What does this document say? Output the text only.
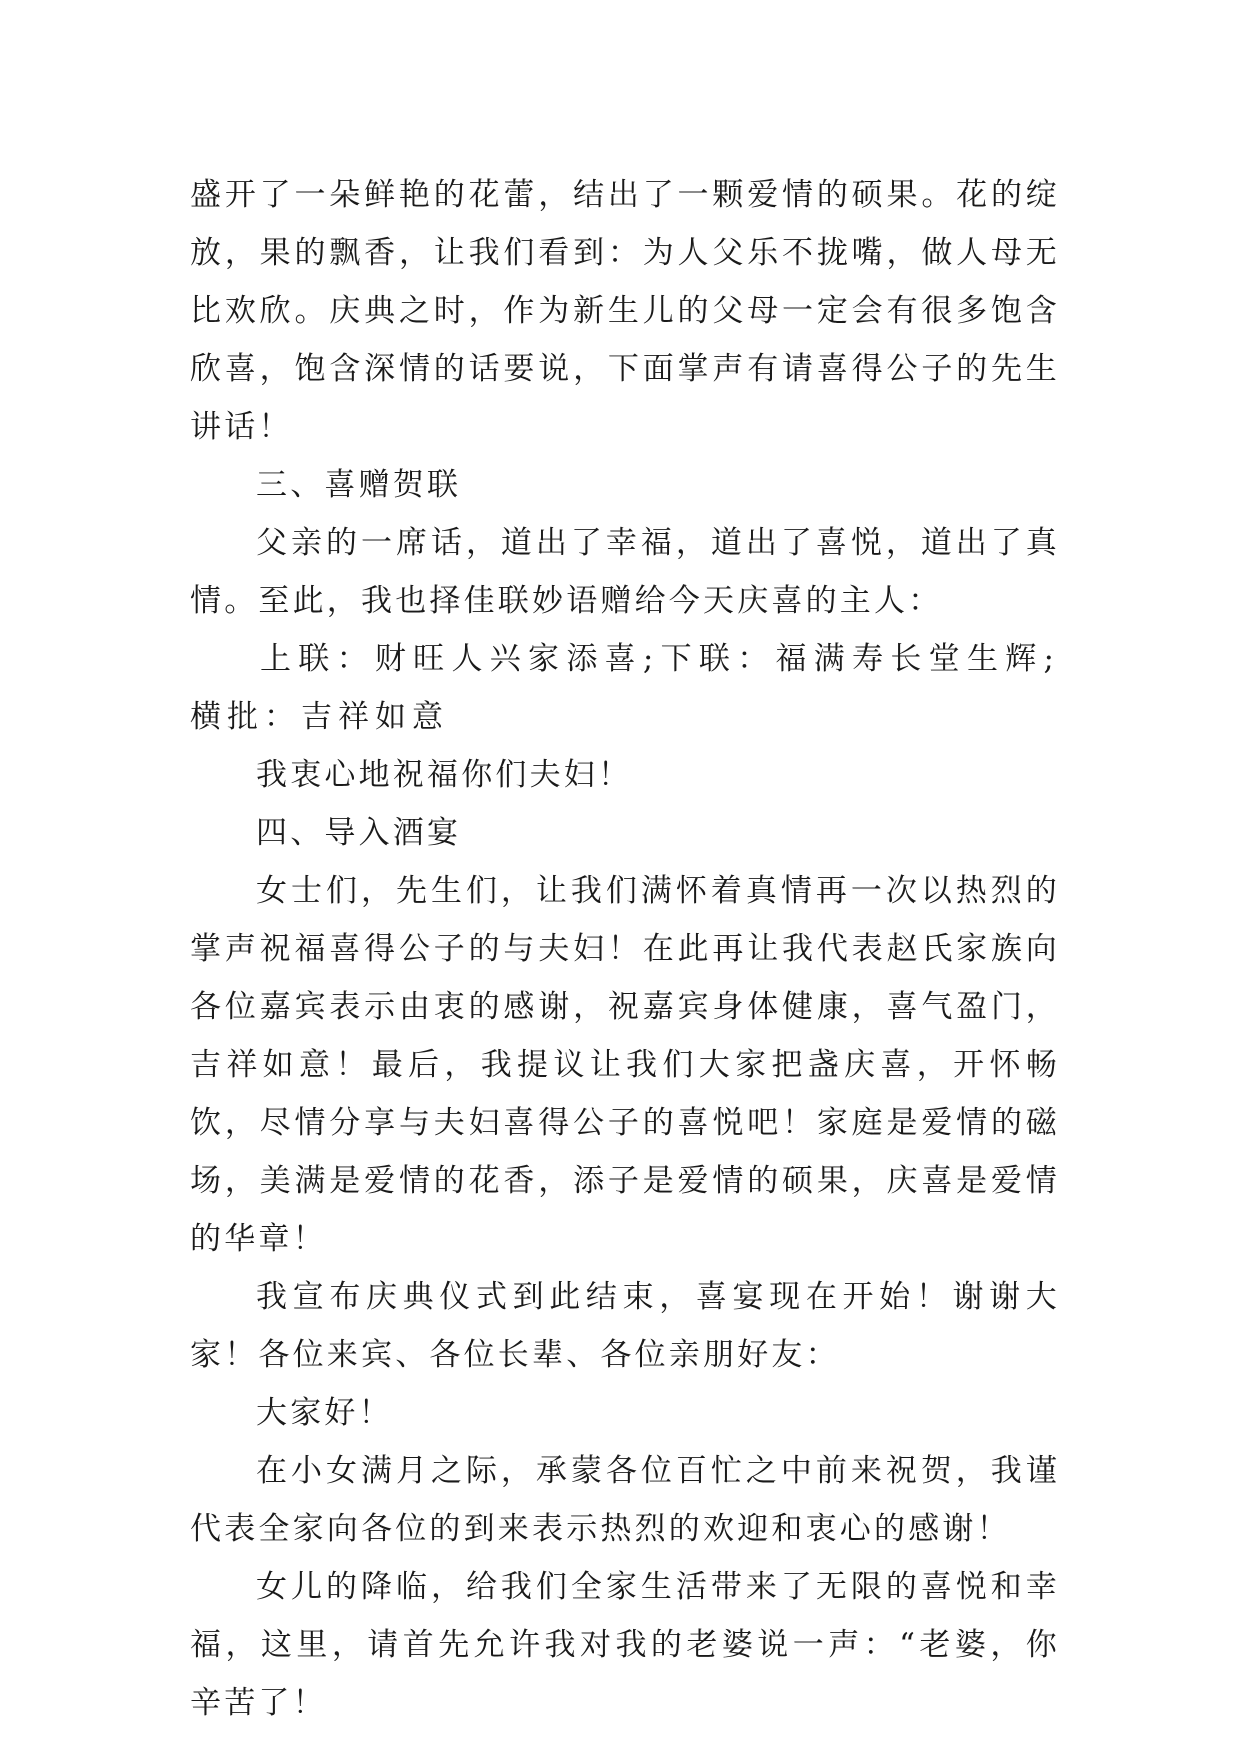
盛开了一朵鲜艳的花蕾，结出了一颗爱情的硕果。花的绽放，果的飘香，让我们看到：为人父乐不拢嘴，做人母无比欢欣。庆典之时，作为新生儿的父母一定会有很多饱含欣喜，饱含深情的话要说，下面掌声有请喜得公子的先生讲话！

三、喜赠贺联

父亲的一席话，道出了幸福，道出了喜悦，道出了真情。至此，我也择佳联妙语赠给今天庆喜的主人：

上联：财旺人兴家添喜;下联：福满寿长堂生辉;横批：吉祥如意

我衷心地祝福你们夫妇！

四、导入酒宴

女士们，先生们，让我们满怀着真情再一次以热烈的掌声祝福喜得公子的与夫妇！在此再让我代表赵氏家族向各位嘉宾表示由衷的感谢，祝嘉宾身体健康，喜气盈门，吉祥如意！最后，我提议让我们大家把盏庆喜，开怀畅饮，尽情分享与夫妇喜得公子的喜悦吧！家庭是爱情的磁场，美满是爱情的花香，添子是爱情的硕果，庆喜是爱情的华章！

我宣布庆典仪式到此结束，喜宴现在开始！谢谢大家！各位来宾、各位长辈、各位亲朋好友：

大家好！

在小女满月之际，承蒙各位百忙之中前来祝贺，我谨代表全家向各位的到来表示热烈的欢迎和衷心的感谢！

女儿的降临，给我们全家生活带来了无限的喜悦和幸福，这里，请首先允许我对我的老婆说一声：“老婆，你辛苦了！
